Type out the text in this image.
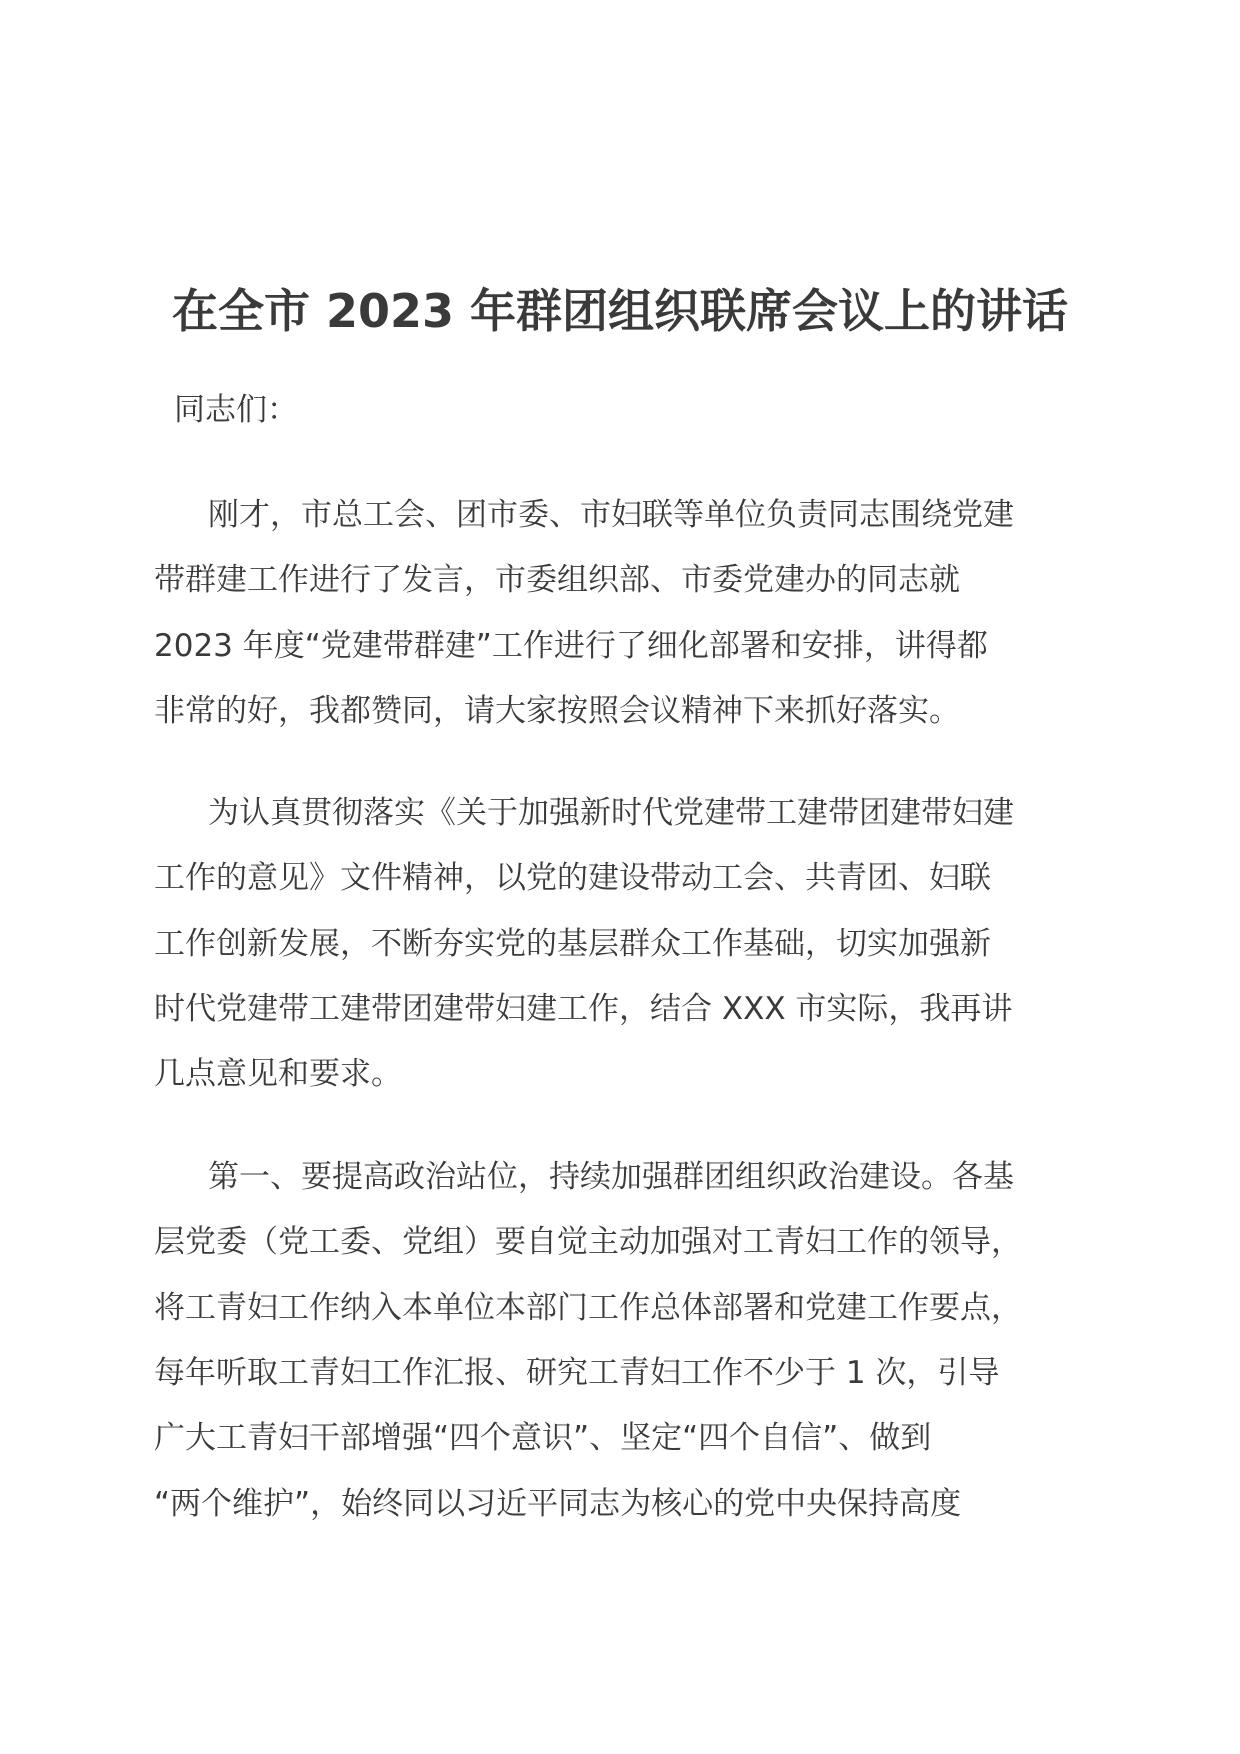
在全市 2023 年群团组织联席会议上的讲话
同志们：
刚才，市总工会、团市委、市妇联等单位负责同志围绕党建
带群建工作进行了发言，市委组织部、市委党建办的同志就
2023 年度“党建带群建”工作进行了细化部署和安排，讲得都
非常的好，我都赞同，请大家按照会议精神下来抓好落实。
为认真贯彻落实《关于加强新时代党建带工建带团建带妇建
工作的意见》文件精神，以党的建设带动工会、共青团、妇联
工作创新发展，不断夯实党的基层群众工作基础，切实加强新
时代党建带工建带团建带妇建工作，结合 XXX 市实际，我再讲
几点意见和要求。
第一、要提高政治站位，持续加强群团组织政治建设。各基
层党委（党工委、党组）要自觉主动加强对工青妇工作的领导，
将工青妇工作纳入本单位本部门工作总体部署和党建工作要点，
每年听取工青妇工作汇报、研究工青妇工作不少于 1 次，引导
广大工青妇干部增强“四个意识”、坚定“四个自信”、做到
“两个维护”，始终同以习近平同志为核心的党中央保持高度
